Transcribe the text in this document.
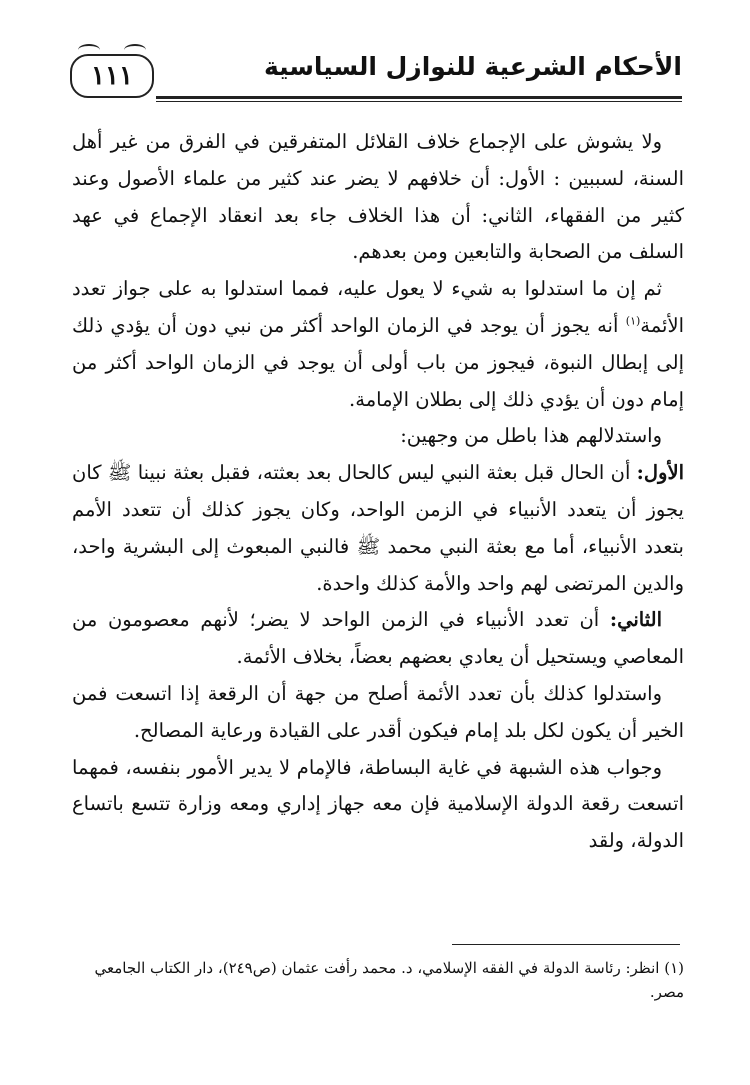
١١١	الأحكام الشرعية للنوازل السياسية

ولا يشوش على الإجماع خلاف القلائل المتفرقين في الفرق من غير أهل السنة، لسببين : الأول: أن خلافهم لا يضر عند كثير من علماء الأصول وعند كثير من الفقهاء، الثاني: أن هذا الخلاف جاء بعد انعقاد الإجماع في عهد السلف من الصحابة والتابعين ومن بعدهم.

ثم إن ما استدلوا به شيء لا يعول عليه، فمما استدلوا به على جواز تعدد الأئمة$^{(١)}$ أنه يجوز أن يوجد في الزمان الواحد أكثر من نبي دون أن يؤدي ذلك إلى إبطال النبوة، فيجوز من باب أولى أن يوجد في الزمان الواحد أكثر من إمام دون أن يؤدي ذلك إلى بطلان الإمامة.

واستدلالهم هذا باطل من وجهين:

الأول: أن الحال قبل بعثة النبي ليس كالحال بعد بعثته، فقبل بعثة نبينا ﷺ كان يجوز أن يتعدد الأنبياء في الزمن الواحد، وكان يجوز كذلك أن تتعدد الأمم بتعدد الأنبياء، أما مع بعثة النبي محمد ﷺ فالنبي المبعوث إلى البشرية واحد، والدين المرتضى لهم واحد والأمة كذلك واحدة.

الثاني: أن تعدد الأنبياء في الزمن الواحد لا يضر؛ لأنهم معصومون من المعاصي ويستحيل أن يعادي بعضهم بعضاً، بخلاف الأئمة.

واستدلوا كذلك بأن تعدد الأئمة أصلح من جهة أن الرقعة إذا اتسعت فمن الخير أن يكون لكل بلد إمام فيكون أقدر على القيادة ورعاية المصالح.

وجواب هذه الشبهة في غاية البساطة، فالإمام لا يدير الأمور بنفسه، فمهما اتسعت رقعة الدولة الإسلامية فإن معه جهاز إداري ومعه وزارة تتسع باتساع الدولة، ولقد

(١) انظر: رئاسة الدولة في الفقه الإسلامي، د. محمد رأفت عثمان (ص٢٤٩)، دار الكتاب الجامعي مصر.
